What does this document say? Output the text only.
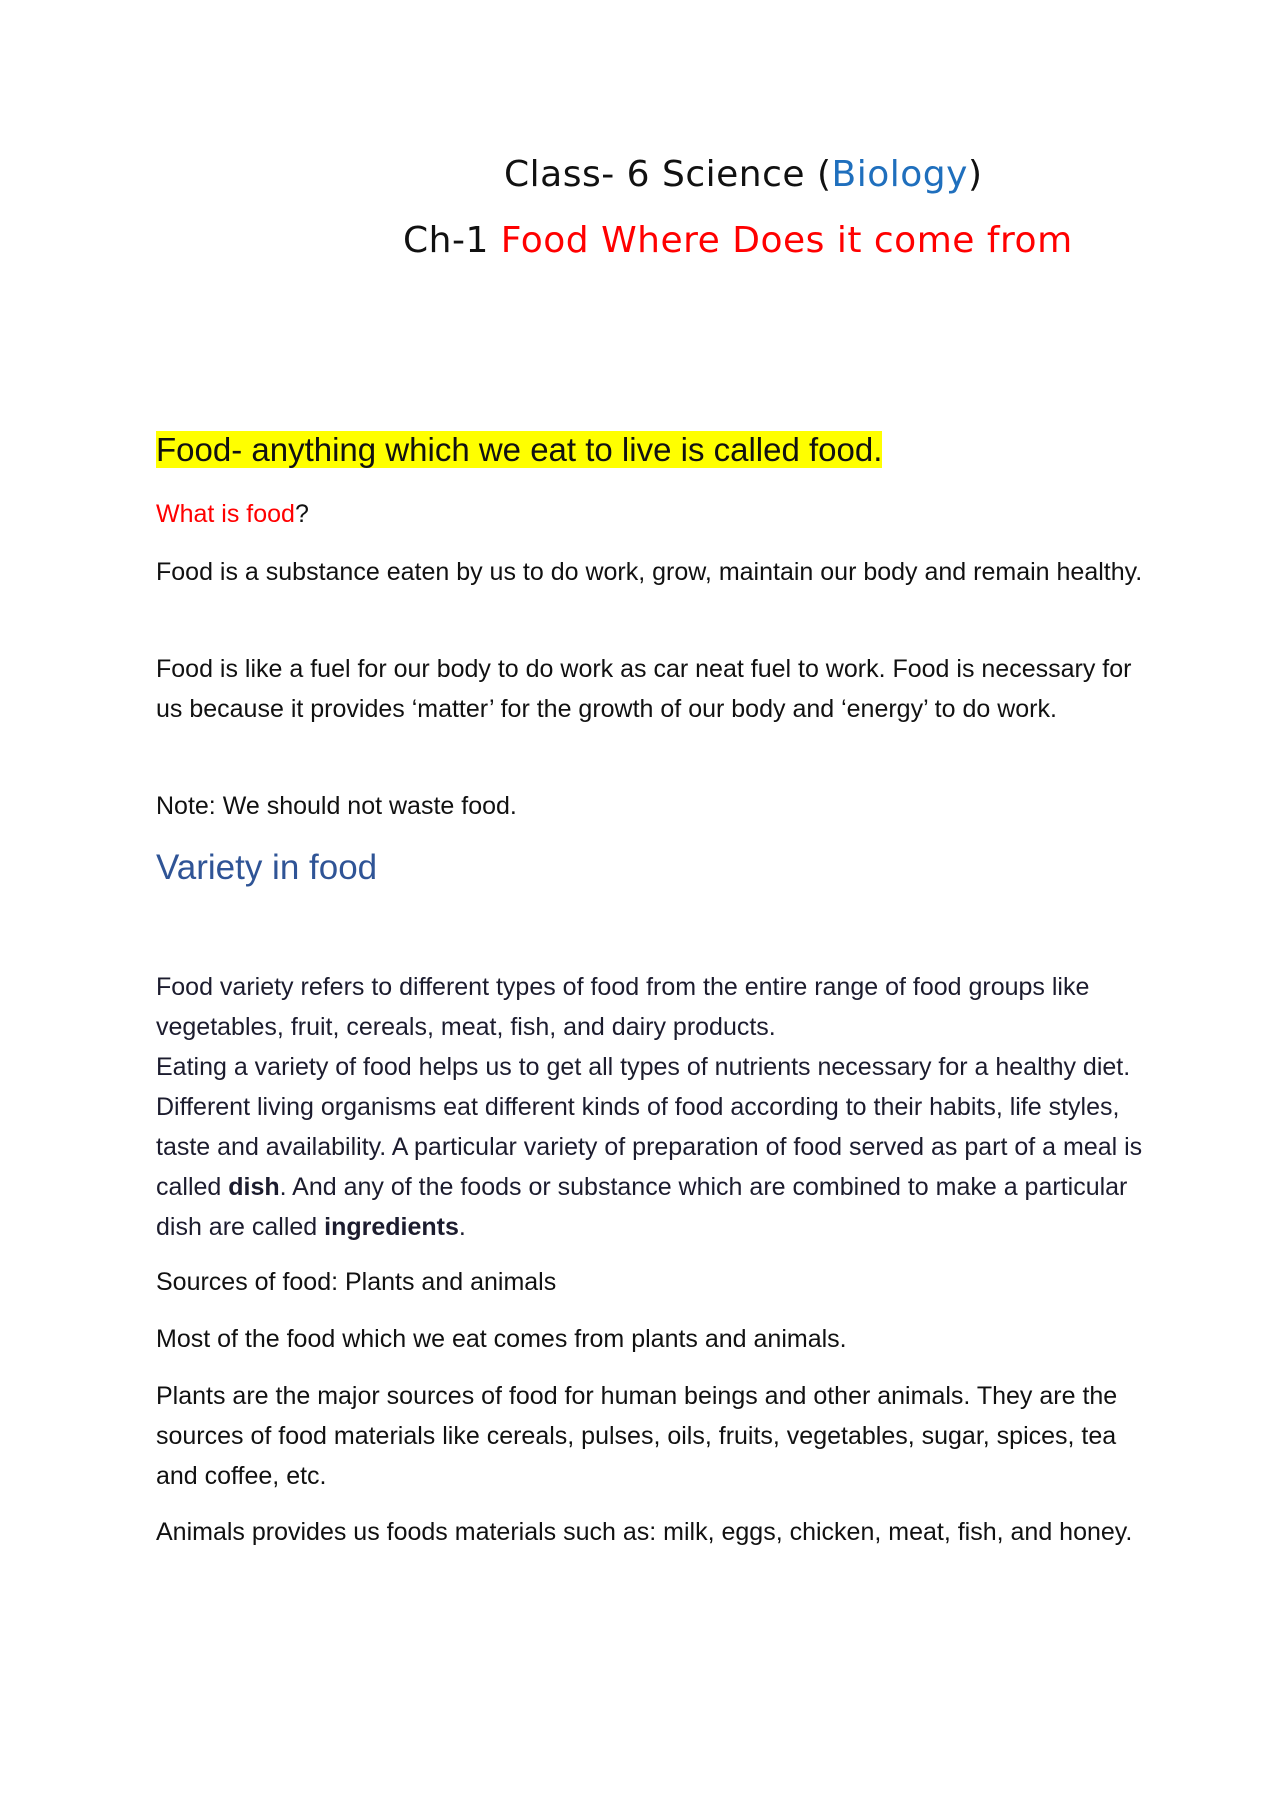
Class- 6 Science (Biology)
Ch-1 Food Where Does it come from
Food- anything which we eat to live is called food.

What is food?

Food is a substance eaten by us to do work, grow, maintain our body and remain healthy.

Food is like a fuel for our body to do work as car neat fuel to work. Food is necessary for us because it provides ‘matter’ for the growth of our body and ‘energy’ to do work.

Note: We should not waste food.

Variety in food

Food variety refers to different types of food from the entire range of food groups like vegetables, fruit, cereals, meat, fish, and dairy products.

Eating a variety of food helps us to get all types of nutrients necessary for a healthy diet. Different living organisms eat different kinds of food according to their habits, life styles, taste and availability. A particular variety of preparation of food served as part of a meal is called dish. And any of the foods or substance which are combined to make a particular dish are called ingredients.

Sources of food: Plants and animals

Most of the food which we eat comes from plants and animals.

Plants are the major sources of food for human beings and other animals. They are the sources of food materials like cereals, pulses, oils, fruits, vegetables, sugar, spices, tea and coffee, etc.

Animals provides us foods materials such as: milk, eggs, chicken, meat, fish, and honey.
